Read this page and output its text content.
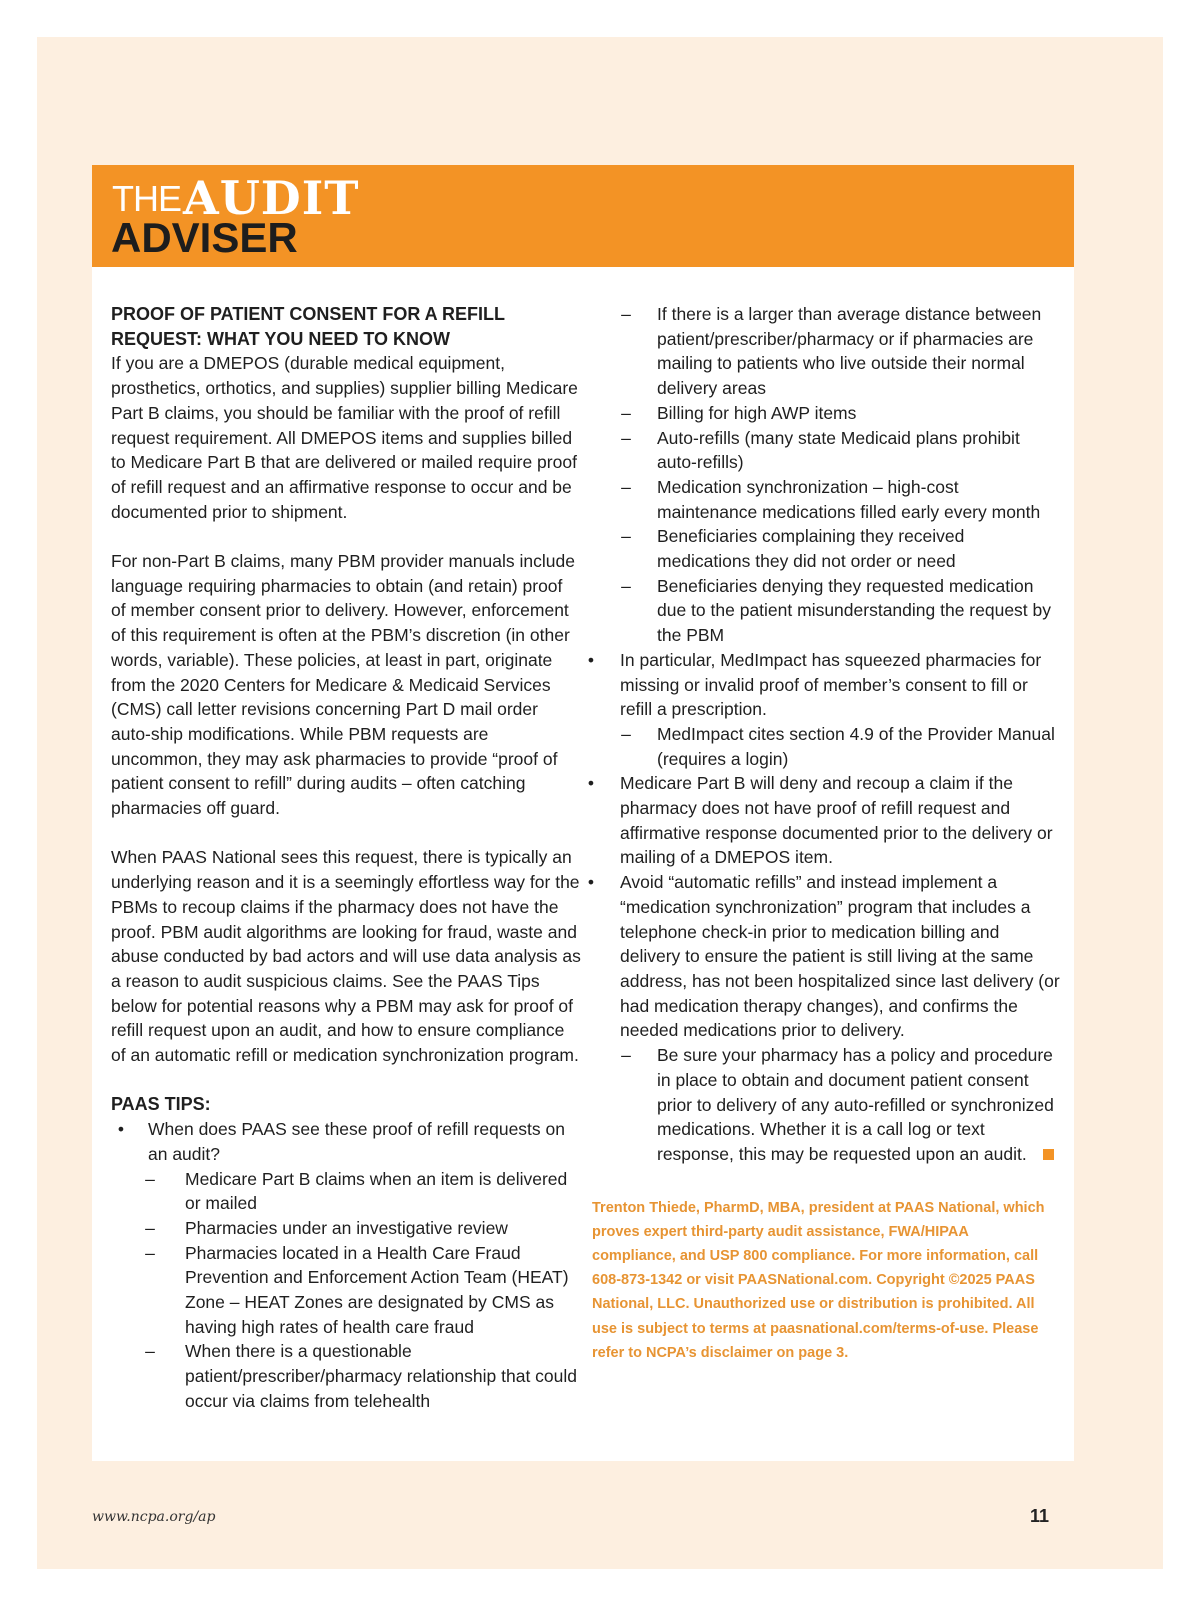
THE AUDIT
ADVISER
PROOF OF PATIENT CONSENT FOR A REFILL
REQUEST: WHAT YOU NEED TO KNOW

If you are a DMEPOS (durable medical equipment, prosthetics, orthotics, and supplies) supplier billing Medicare Part B claims, you should be familiar with the proof of refill request requirement. All DMEPOS items and supplies billed to Medicare Part B that are delivered or mailed require proof of refill request and an affirmative response to occur and be documented prior to shipment.

For non-Part B claims, many PBM provider manuals include language requiring pharmacies to obtain (and retain) proof of member consent prior to delivery. However, enforcement of this requirement is often at the PBM’s discretion (in other words, variable). These policies, at least in part, originate from the 2020 Centers for Medicare & Medicaid Services (CMS) call letter revisions concerning Part D mail order auto-ship modifications. While PBM requests are uncommon, they may ask pharmacies to provide “proof of patient consent to refill” during audits – often catching pharmacies off guard.

When PAAS National sees this request, there is typically an underlying reason and it is a seemingly effortless way for the PBMs to recoup claims if the pharmacy does not have the proof. PBM audit algorithms are looking for fraud, waste and abuse conducted by bad actors and will use data analysis as a reason to audit suspicious claims. See the PAAS Tips below for potential reasons why a PBM may ask for proof of refill request upon an audit, and how to ensure compliance of an automatic refill or medication synchronization program.

PAAS TIPS:
•	When does PAAS see these proof of refill requests on an audit?
– Medicare Part B claims when an item is delivered or mailed
– Pharmacies under an investigative review
– Pharmacies located in a Health Care Fraud Prevention and Enforcement Action Team (HEAT) Zone – HEAT Zones are designated by CMS as having high rates of health care fraud
– When there is a questionable patient/prescriber/pharmacy relationship that could occur via claims from telehealth
– If there is a larger than average distance between patient/prescriber/pharmacy or if pharmacies are mailing to patients who live outside their normal delivery areas
– Billing for high AWP items
– Auto-refills (many state Medicaid plans prohibit auto-refills)
– Medication synchronization – high-cost maintenance medications filled early every month
– Beneficiaries complaining they received medications they did not order or need
– Beneficiaries denying they requested medication due to the patient misunderstanding the request by the PBM
•	In particular, MedImpact has squeezed pharmacies for missing or invalid proof of member’s consent to fill or refill a prescription.
– MedImpact cites section 4.9 of the Provider Manual (requires a login)
•	Medicare Part B will deny and recoup a claim if the pharmacy does not have proof of refill request and affirmative response documented prior to the delivery or mailing of a DMEPOS item.
•	Avoid “automatic refills” and instead implement a “medication synchronization” program that includes a telephone check-in prior to medication billing and delivery to ensure the patient is still living at the same address, has not been hospitalized since last delivery (or had medication therapy changes), and confirms the needed medications prior to delivery.
– Be sure your pharmacy has a policy and procedure in place to obtain and document patient consent prior to delivery of any auto-refilled or synchronized medications. Whether it is a call log or text response, this may be requested upon an audit.
Trenton Thiede, PharmD, MBA, president at PAAS National, which proves expert third-party audit assistance, FWA/HIPAA compliance, and USP 800 compliance. For more information, call 608-873-1342 or visit PAASNational.com. Copyright ©2025 PAAS National, LLC. Unauthorized use or distribution is prohibited. All use is subject to terms at paasnational.com/terms-of-use. Please refer to NCPA’s disclaimer on page 3.
www.ncpa.org/ap	11
